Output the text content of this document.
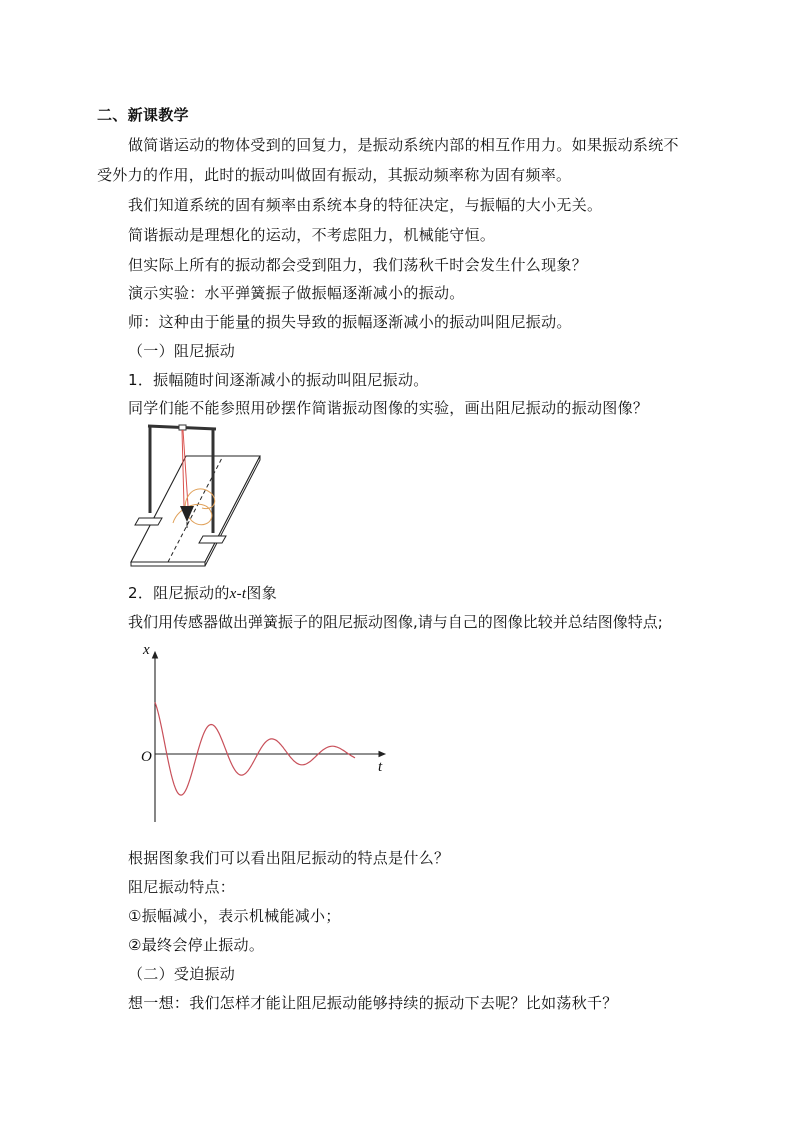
二、新课教学
做简谐运动的物体受到的回复力，是振动系统内部的相互作用力。如果振动系统不
受外力的作用，此时的振动叫做固有振动，其振动频率称为固有频率。
我们知道系统的固有频率由系统本身的特征决定，与振幅的大小无关。
简谐振动是理想化的运动，不考虑阻力，机械能守恒。
但实际上所有的振动都会受到阻力，我们荡秋千时会发生什么现象？
演示实验：水平弹簧振子做振幅逐渐减小的振动。
师：这种由于能量的损失导致的振幅逐渐减小的振动叫阻尼振动。
（一）阻尼振动
1．振幅随时间逐渐减小的振动叫阻尼振动。
同学们能不能参照用砂摆作简谐振动图像的实验，画出阻尼振动的振动图像？
2．阻尼振动的x-t图象
我们用传感器做出弹簧振子的阻尼振动图像,请与自己的图像比较并总结图像特点;
x
t
O
根据图象我们可以看出阻尼振动的特点是什么？
阻尼振动特点：
①振幅减小，表示机械能减小；
②最终会停止振动。
（二）受迫振动
想一想：我们怎样才能让阻尼振动能够持续的振动下去呢？比如荡秋千？
